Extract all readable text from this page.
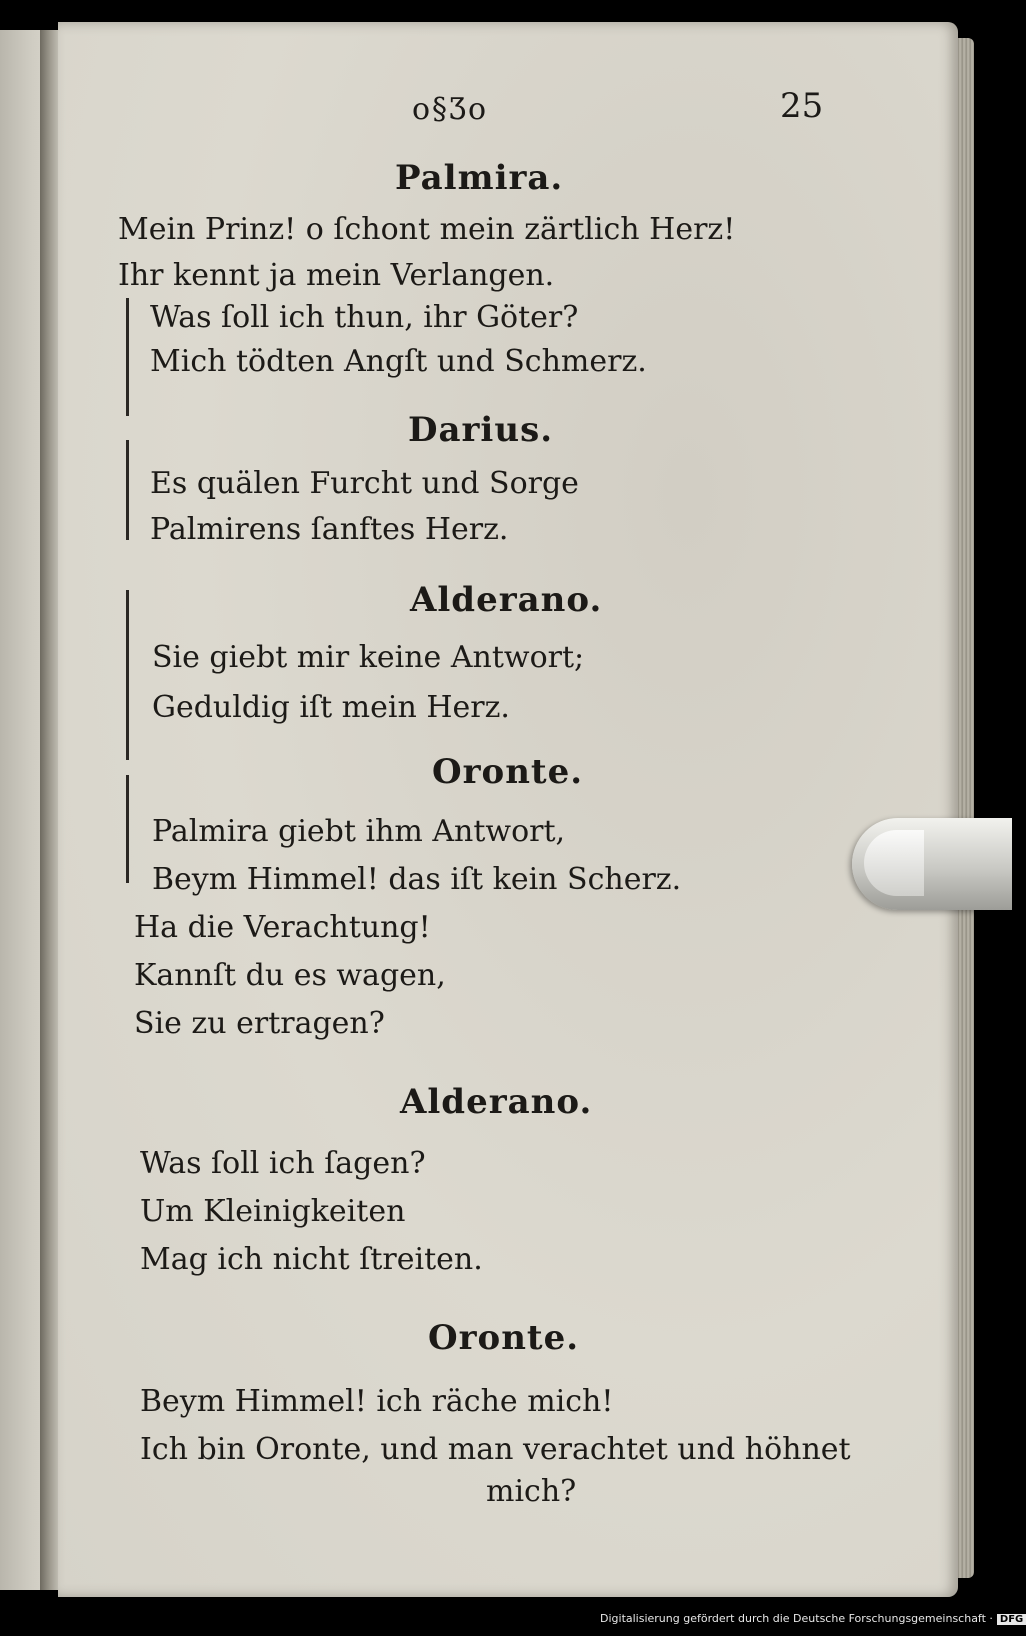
o§Ʒo	25
Palmira.
Mein Prinz! o ſchont mein zärtlich Herz!
Ihr kennt ja mein Verlangen.
Was ſoll ich thun, ihr Göter?
Mich tödten Angſt und Schmerz.
Darius.
Es quälen Furcht und Sorge
Palmirens ſanftes Herz.
Alderano.
Sie giebt mir keine Antwort;
Geduldig iſt mein Herz.
Oronte.
Palmira giebt ihm Antwort,
Beym Himmel! das iſt kein Scherz.
Ha die Verachtung!
Kannſt du es wagen,
Sie zu ertragen?
Alderano.
Was ſoll ich ſagen?
Um Kleinigkeiten
Mag ich nicht ſtreiten.
Oronte.
Beym Himmel! ich räche mich!
Ich bin Oronte, und man verachtet und höhnet
mich?
Digitalisierung gefördert durch die Deutsche Forschungsgemeinschaft · DFG
